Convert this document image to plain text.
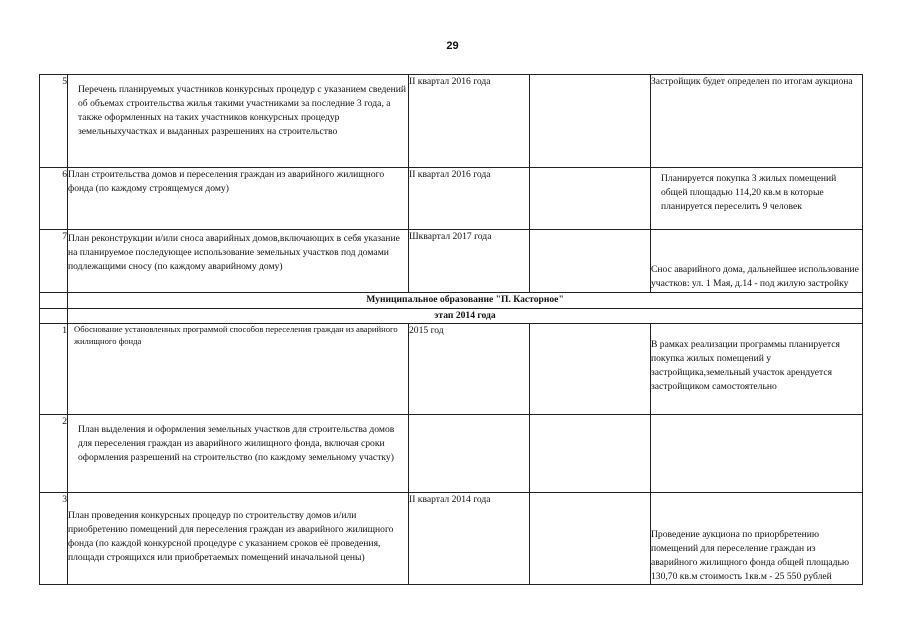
29
5	Перечень планируемых участников конкурсных процедур с указанием сведений об объемах строительства жилья такими участниками за последние 3 года, а также оформленных на таких участников конкурсных процедур земельныхучастках и выданных разрешениях на строительство	II квартал 2016 года		Застройщик будет определен по итогам аукциона
6	План строительства домов и переселения граждан из аварийного жилищного фонда (по каждому строящемуся дому)	II квартал 2016 года		Планируется покупка 3 жилых помещений общей площадью 114,20 кв.м в которые планируется переселить 9 человек
7	План реконструкции и/или сноса аварийных домов,включающих в себя указание на планируемое последующее использование земельных участков под домами подлежащими сносу (по каждому аварийному дому)	Шквартал 2017 года		Снос аварийного дома, дальнейшее использование участков: ул. 1 Мая, д.14 - под жилую застройку
	Муниципальное образование "П. Касторное"			
	этап 2014 года			
1	Обоснование установленных программой способов переселения граждан из аварийного жилищного фонда	2015 год		В рамках реализации программы планируется покупка жилых помещений у застройщика,земельный участок арендуется застройщиком самостоятельно
2	План выделения и оформления земельных участков для строительства домов для переселения граждан из аварийного жилищного фонда, включая сроки оформления разрешений на строительство (по каждому земельному участку)			
3	План проведения конкурсных процедур по строительству домов и/или приобретению помещений для переселения граждан из аварийного жилищного фонда (по каждой конкурсной процедуре с указанием сроков её проведения, площади строящихся или приобретаемых помещений иначальной цены)	II квартал 2014 года		Проведение аукциона по приорбретению помещений для переселение граждан из аварийного жилищного фонда общей площадью 130,70 кв.м стоимость 1кв.м - 25 550 рублей
